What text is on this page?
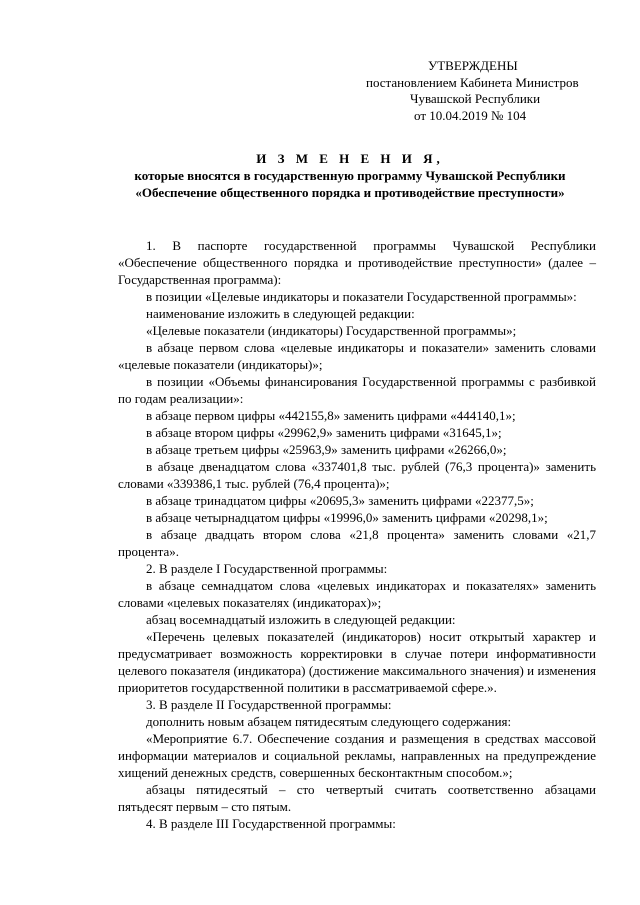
УТВЕРЖДЕНЫ
постановлением Кабинета Министров
Чувашской Республики
от 10.04.2019 № 104
И З М Е Н Е Н И Я,
которые вносятся в государственную программу Чувашской Республики
«Обеспечение общественного порядка и противодействие преступности»

1. В паспорте государственной программы Чувашской Республики «Обеспечение общественного порядка и противодействие преступности» (далее – Государственная программа):

в позиции «Целевые индикаторы и показатели Государственной программы»:

наименование изложить в следующей редакции:

«Целевые показатели (индикаторы) Государственной программы»;

в абзаце первом слова «целевые индикаторы и показатели» заменить словами «целевые показатели (индикаторы)»;

в позиции «Объемы финансирования Государственной программы с разбивкой по годам реализации»:

в абзаце первом цифры «442155,8» заменить цифрами «444140,1»;

в абзаце втором цифры «29962,9» заменить цифрами «31645,1»;

в абзаце третьем цифры «25963,9» заменить цифрами «26266,0»;

в абзаце двенадцатом слова «337401,8 тыс. рублей (76,3 процента)» заменить словами «339386,1 тыс. рублей (76,4 процента)»;

в абзаце тринадцатом цифры «20695,3» заменить цифрами «22377,5»;

в абзаце четырнадцатом цифры «19996,0» заменить цифрами «20298,1»;

в абзаце двадцать втором слова «21,8 процента» заменить словами «21,7 процента».

2. В разделе I Государственной программы:

в абзаце семнадцатом слова «целевых индикаторах и показателях» заменить словами «целевых показателях (индикаторах)»;

абзац восемнадцатый изложить в следующей редакции:

«Перечень целевых показателей (индикаторов) носит открытый характер и предусматривает возможность корректировки в случае потери информативности целевого показателя (индикатора) (достижение максимального значения) и изменения приоритетов государственной политики в рассматриваемой сфере.».

3. В разделе II Государственной программы:

дополнить новым абзацем пятидесятым следующего содержания:

«Мероприятие 6.7. Обеспечение создания и размещения в средствах массовой информации материалов и социальной рекламы, направленных на предупреждение хищений денежных средств, совершенных бесконтактным способом.»;

абзацы пятидесятый – сто четвертый считать соответственно абзацами пятьдесят первым – сто пятым.

4. В разделе III Государственной программы:
